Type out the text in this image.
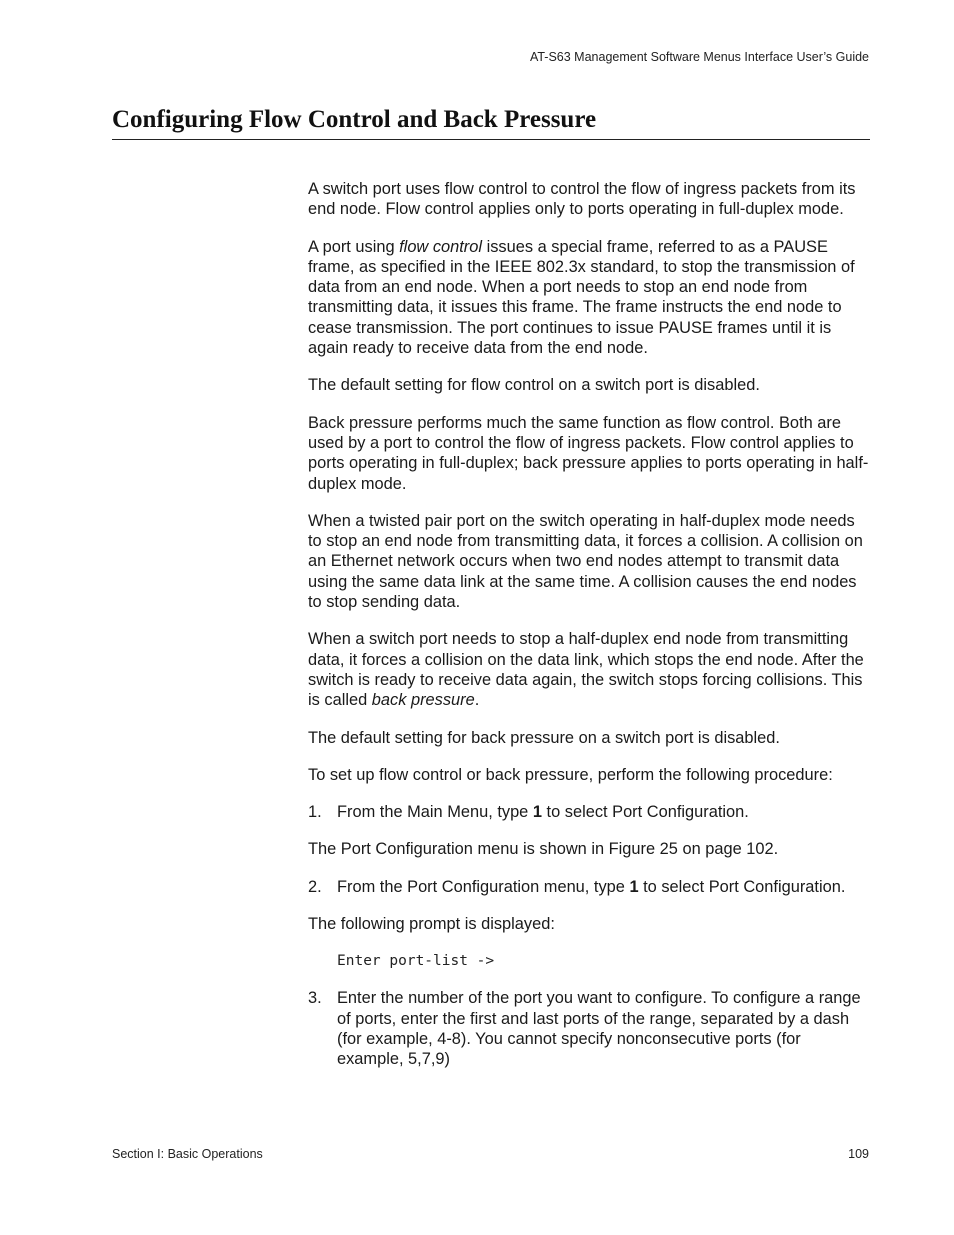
AT-S63 Management Software Menus Interface User’s Guide
Configuring Flow Control and Back Pressure

A switch port uses flow control to control the flow of ingress packets from its end node. Flow control applies only to ports operating in full-duplex mode.

A port using flow control issues a special frame, referred to as a PAUSE frame, as specified in the IEEE 802.3x standard, to stop the transmission of data from an end node. When a port needs to stop an end node from transmitting data, it issues this frame. The frame instructs the end node to cease transmission. The port continues to issue PAUSE frames until it is again ready to receive data from the end node.

The default setting for flow control on a switch port is disabled.

Back pressure performs much the same function as flow control. Both are used by a port to control the flow of ingress packets. Flow control applies to ports operating in full-duplex; back pressure applies to ports operating in half-duplex mode.

When a twisted pair port on the switch operating in half-duplex mode needs to stop an end node from transmitting data, it forces a collision. A collision on an Ethernet network occurs when two end nodes attempt to transmit data using the same data link at the same time. A collision causes the end nodes to stop sending data.

When a switch port needs to stop a half-duplex end node from transmitting data, it forces a collision on the data link, which stops the end node. After the switch is ready to receive data again, the switch stops forcing collisions. This is called back pressure.

The default setting for back pressure on a switch port is disabled.

To set up flow control or back pressure, perform the following procedure:

1. From the Main Menu, type 1 to select Port Configuration.

The Port Configuration menu is shown in Figure 25 on page 102.

2. From the Port Configuration menu, type 1 to select Port Configuration.

The following prompt is displayed:

Enter port-list ->
3. Enter the number of the port you want to configure. To configure a range of ports, enter the first and last ports of the range, separated by a dash (for example, 4-8). You cannot specify nonconsecutive ports (for example, 5,7,9)
Section I: Basic Operations	109
